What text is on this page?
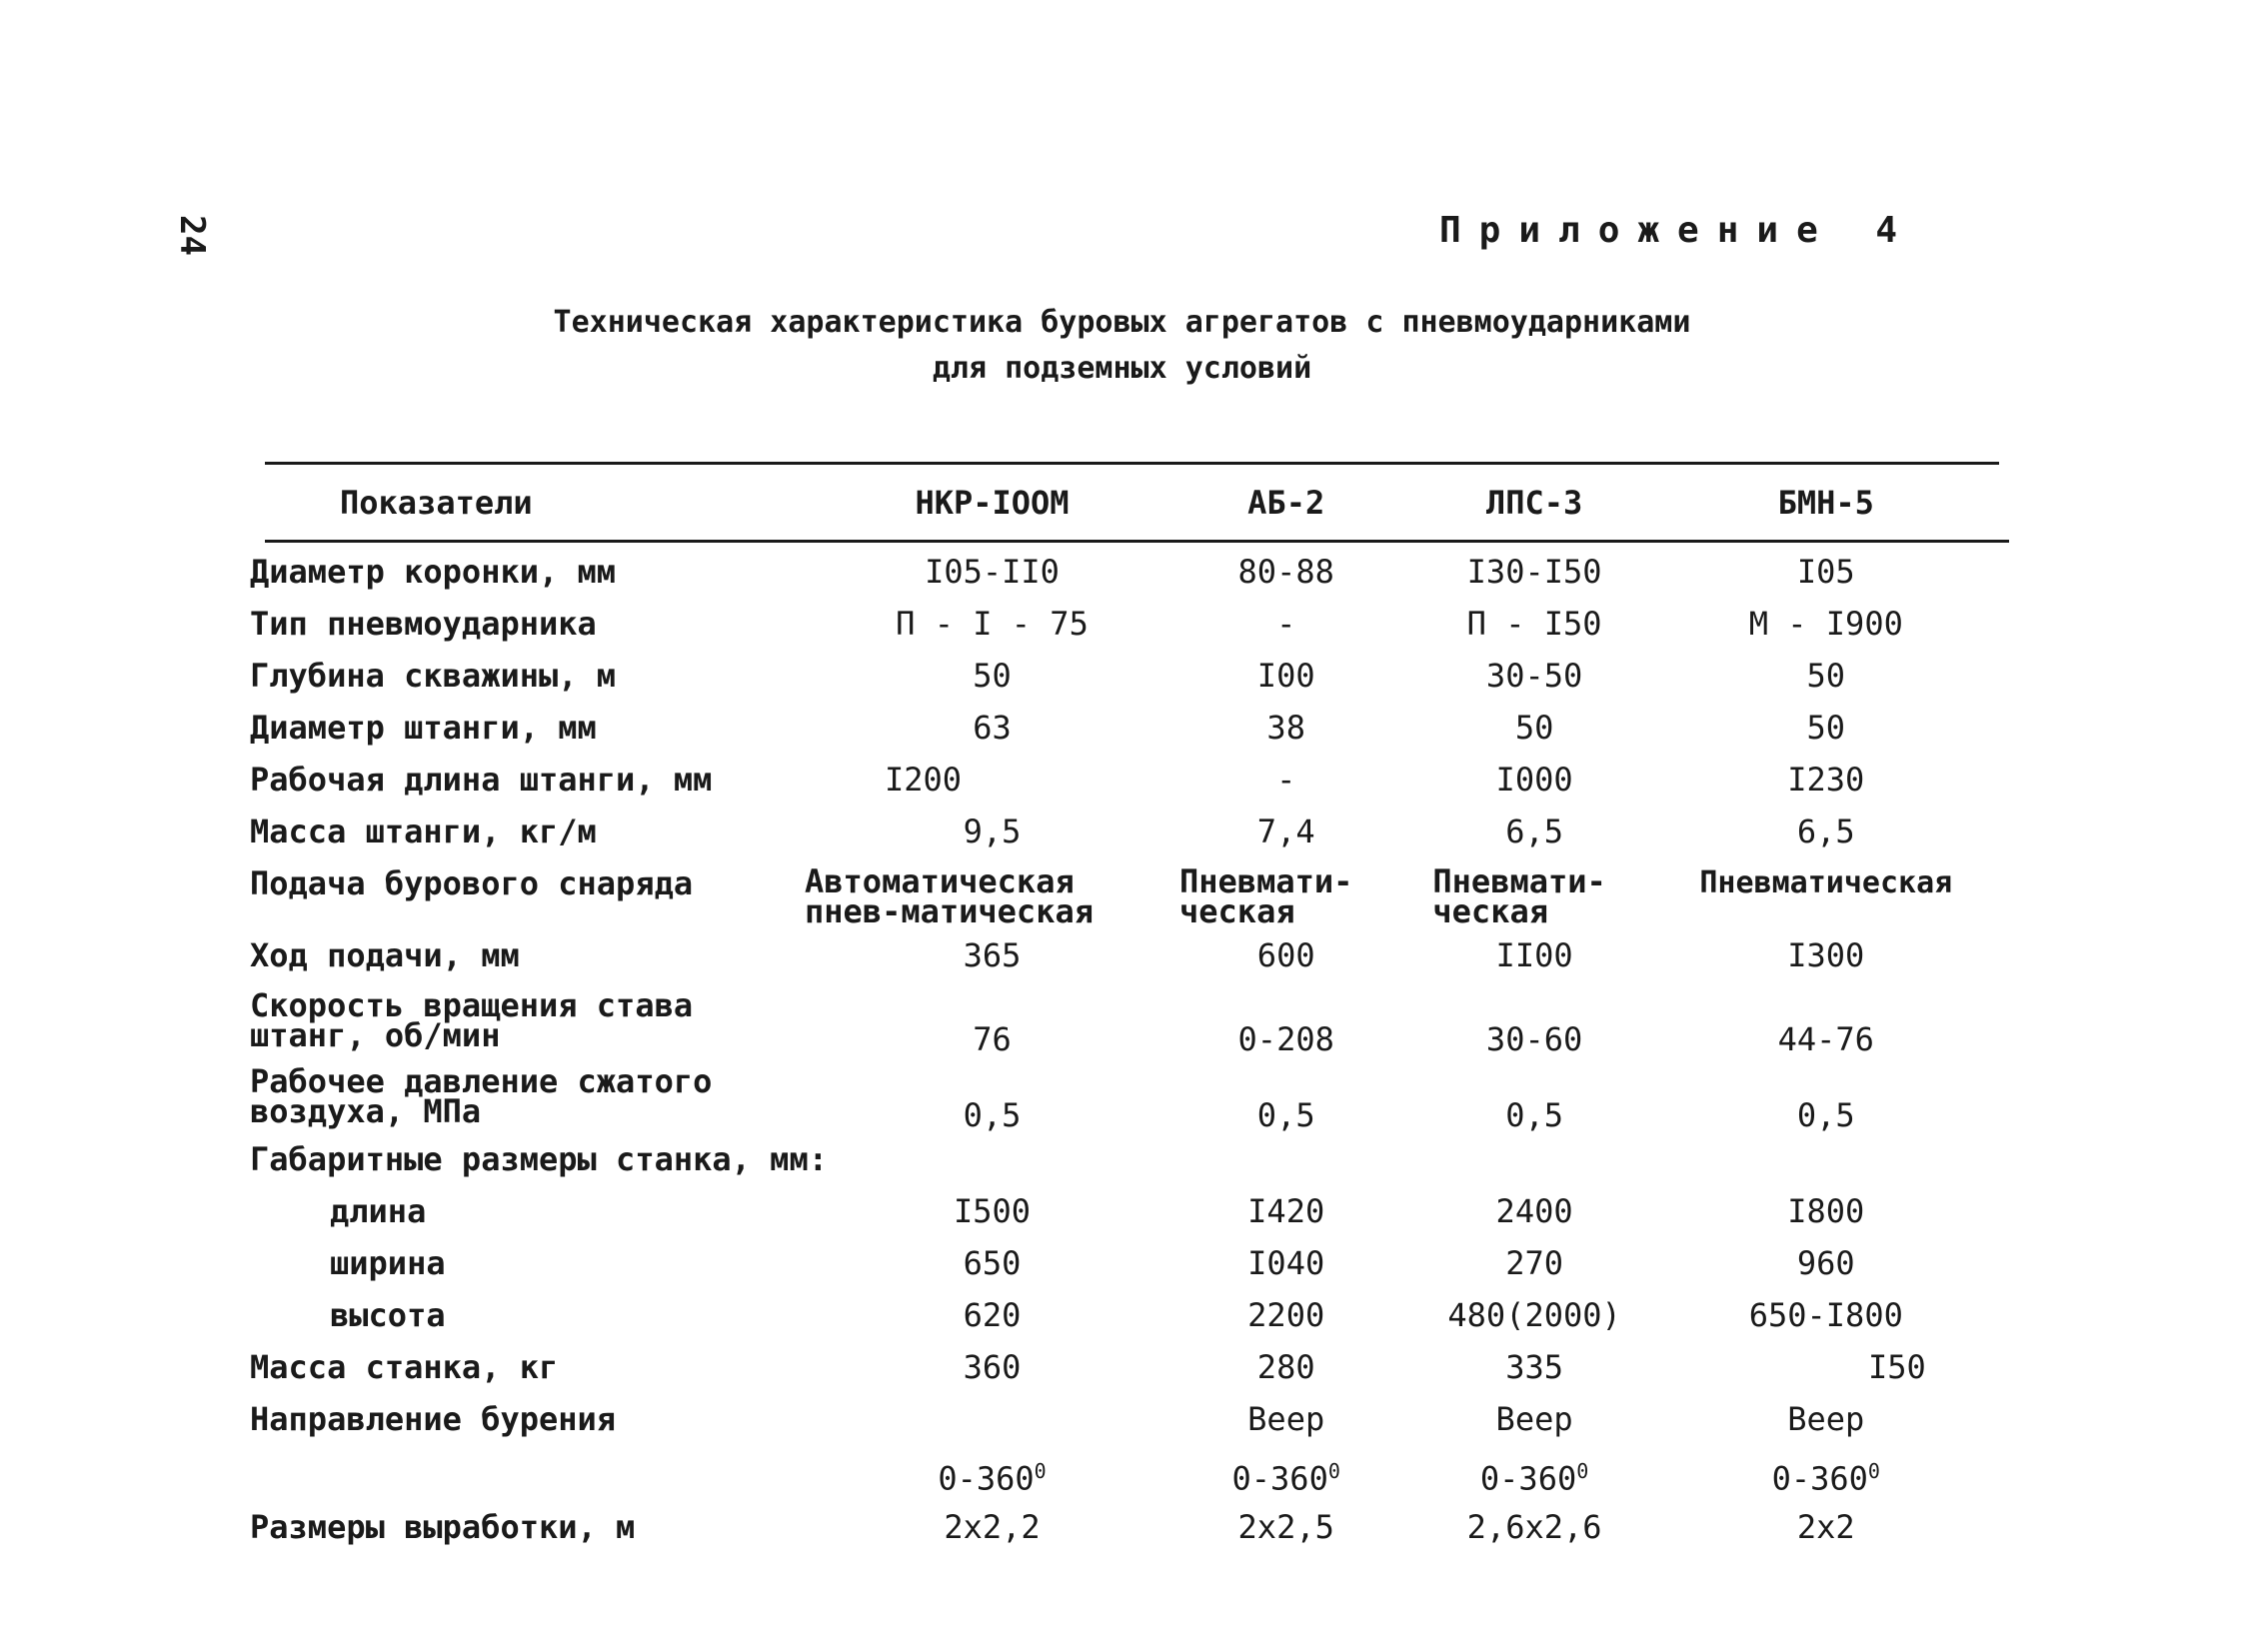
24	Приложение 4
Техническая характеристика буровых агрегатов с пневмоударниками
для подземных условий
Показатели	НКР-IООМ	АБ-2	ЛПС-3	БМН-5
Диаметр коронки, мм	I05-II0	80-88	I30-I50	I05
Тип пневмоударника	П - I - 75	-	П - I50	М - I900
Глубина скважины, м	50	I00	30-50	50
Диаметр штанги, мм	63	38	50	50
Рабочая длина штанги, мм	I200	-	I000	I230
Масса штанги, кг/м	9,5	7,4	6,5	6,5
Подача бурового снаряда	Автоматическая пнев-матическая	Пневмати-ческая	Пневмати-ческая	Пневматическая
Ход подачи, мм	365	600	II00	I300
Скорость вращения става штанг, об/мин	76	0-208	30-60	44-76
Рабочее давление сжатого воздуха, МПа	0,5	0,5	0,5	0,5
Габаритные размеры станка, мм:				
длина	I500	I420	2400	I800
ширина	650	I040	270	960
высота	620	2200	480(2000)	650-I800
Масса станка, кг	360	280	335	I50
Направление бурения		Веер	Веер	Веер
	$0-360^0$	$0-360^0$	$0-360^0$	$0-360^0$
Размеры выработки, м	2х2,2	2х2,5	2,6х2,6	2х2
